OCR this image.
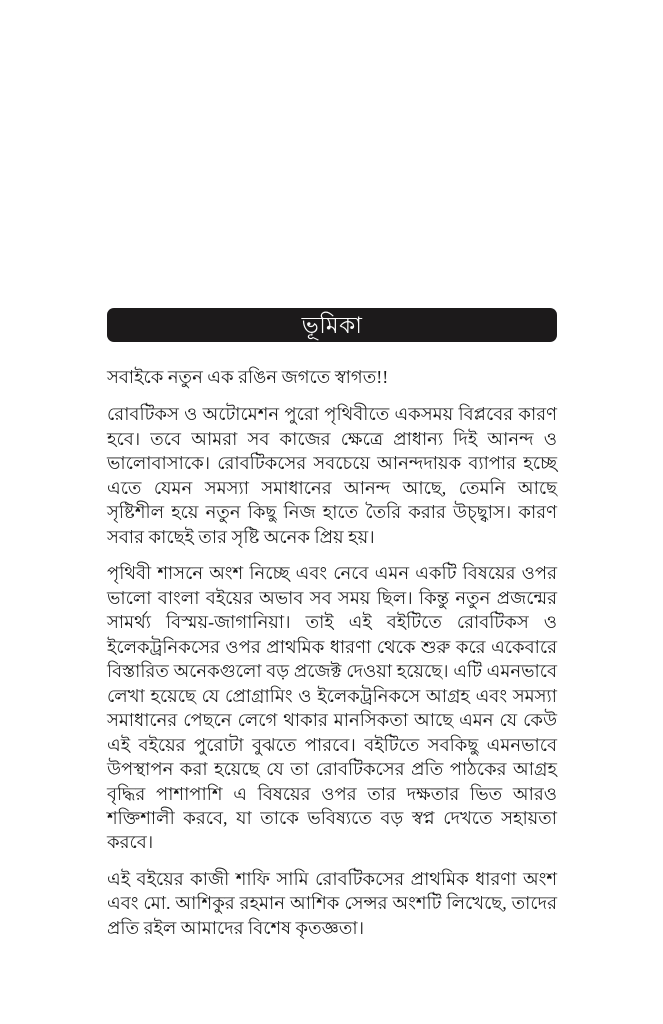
ভূমিকা

সবাইকে নতুন এক রঙিন জগতে স্বাগত!!

রোবটিকস ও অটোমেশন পুরো পৃথিবীতে একসময় বিপ্লবের কারণ হবে। তবে আমরা সব কাজের ক্ষেত্রে প্রাধান্য দিই আনন্দ ও ভালোবাসাকে। রোবটিকসের সবচেয়ে আনন্দদায়ক ব্যাপার হচ্ছে এতে যেমন সমস্যা সমাধানের আনন্দ আছে, তেমনি আছে সৃষ্টিশীল হয়ে নতুন কিছু নিজ হাতে তৈরি করার উচ্ছ্বাস। কারণ সবার কাছেই তার সৃষ্টি অনেক প্রিয় হয়।

পৃথিবী শাসনে অংশ নিচ্ছে এবং নেবে এমন একটি বিষয়ের ওপর ভালো বাংলা বইয়ের অভাব সব সময় ছিল। কিন্তু নতুন প্রজন্মের সামর্থ্য বিস্ময়-জাগানিয়া। তাই এই বইটিতে রোবটিকস ও ইলেকট্রনিকসের ওপর প্রাথমিক ধারণা থেকে শুরু করে একেবারে বিস্তারিত অনেকগুলো বড় প্রজেক্ট দেওয়া হয়েছে। এটি এমনভাবে লেখা হয়েছে যে প্রোগ্রামিং ও ইলেকট্রনিকসে আগ্রহ এবং সমস্যা সমাধানের পেছনে লেগে থাকার মানসিকতা আছে এমন যে কেউ এই বইয়ের পুরোটা বুঝতে পারবে। বইটিতে সবকিছু এমনভাবে উপস্থাপন করা হয়েছে যে তা রোবটিকসের প্রতি পাঠকের আগ্রহ বৃদ্ধির পাশাপাশি এ বিষয়ের ওপর তার দক্ষতার ভিত আরও শক্তিশালী করবে, যা তাকে ভবিষ্যতে বড় স্বপ্ন দেখতে সহায়তা করবে।

এই বইয়ের কাজী শাফি সামি রোবটিকসের প্রাথমিক ধারণা অংশ এবং মো. আশিকুর রহমান আশিক সেন্সর অংশটি লিখেছে, তাদের প্রতি রইল আমাদের বিশেষ কৃতজ্ঞতা।
